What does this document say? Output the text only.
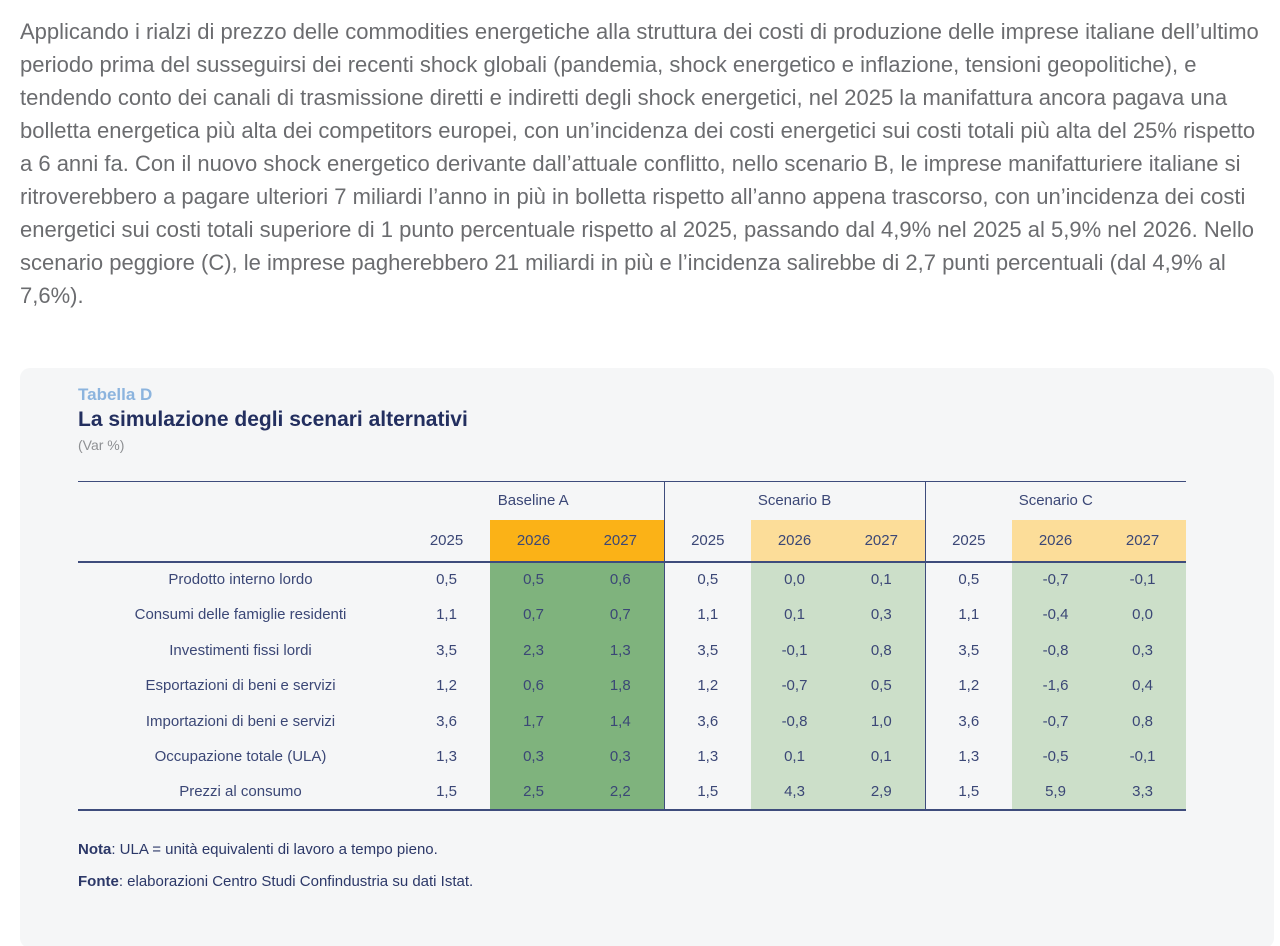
Applicando i rialzi di prezzo delle commodities energetiche alla struttura dei costi di produzione delle imprese italiane dell’ultimo periodo prima del susseguirsi dei recenti shock globali (pandemia, shock energetico e inflazione, tensioni geopolitiche), e tendendo conto dei canali di trasmissione diretti e indiretti degli shock energetici, nel 2025 la manifattura ancora pagava una bolletta energetica più alta dei competitors europei, con un’incidenza dei costi energetici sui costi totali più alta del 25% rispetto a 6 anni fa. Con il nuovo shock energetico derivante dall’attuale conflitto, nello scenario B, le imprese manifatturiere italiane si ritroverebbero a pagare ulteriori 7 miliardi l’anno in più in bolletta rispetto all’anno appena trascorso, con un’incidenza dei costi energetici sui costi totali superiore di 1 punto percentuale rispetto al 2025, passando dal 4,9% nel 2025 al 5,9% nel 2026. Nello scenario peggiore (C), le imprese pagherebbero 21 miliardi in più e l’incidenza salirebbe di 2,7 punti percentuali (dal 4,9% al 7,6%).

Tabella D

La simulazione degli scenari alternativi

(Var %)

	Baseline A			Scenario B			Scenario C		
	2025	2026	2027	2025	2026	2027	2025	2026	2027
Prodotto interno lordo	0,5	0,5	0,6	0,5	0,0	0,1	0,5	-0,7	-0,1
Consumi delle famiglie residenti	1,1	0,7	0,7	1,1	0,1	0,3	1,1	-0,4	0,0
Investimenti fissi lordi	3,5	2,3	1,3	3,5	-0,1	0,8	3,5	-0,8	0,3
Esportazioni di beni e servizi	1,2	0,6	1,8	1,2	-0,7	0,5	1,2	-1,6	0,4
Importazioni di beni e servizi	3,6	1,7	1,4	3,6	-0,8	1,0	3,6	-0,7	0,8
Occupazione totale (ULA)	1,3	0,3	0,3	1,3	0,1	0,1	1,3	-0,5	-0,1
Prezzi al consumo	1,5	2,5	2,2	1,5	4,3	2,9	1,5	5,9	3,3

Nota: ULA = unità equivalenti di lavoro a tempo pieno.

Fonte: elaborazioni Centro Studi Confindustria su dati Istat.
